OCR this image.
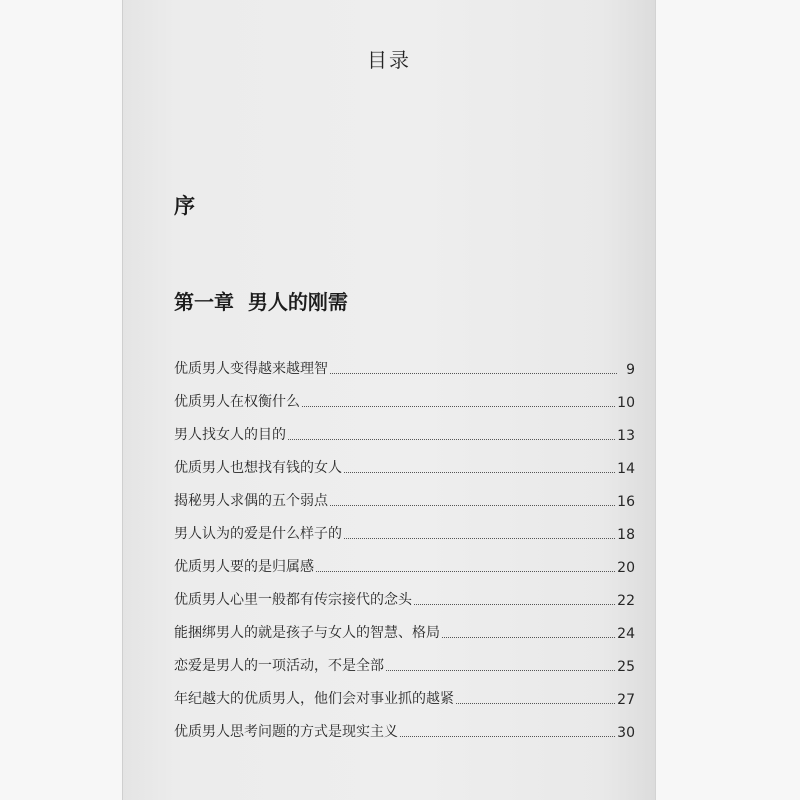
目录
序
第一章  男人的刚需
优质男人变得越来越理智	9
优质男人在权衡什么	10
男人找女人的目的	13
优质男人也想找有钱的女人	14
揭秘男人求偶的五个弱点	16
男人认为的爱是什么样子的	18
优质男人要的是归属感	20
优质男人心里一般都有传宗接代的念头	22
能捆绑男人的就是孩子与女人的智慧、格局	24
恋爱是男人的一项活动，不是全部	25
年纪越大的优质男人，他们会对事业抓的越紧	27
优质男人思考问题的方式是现实主义	30
